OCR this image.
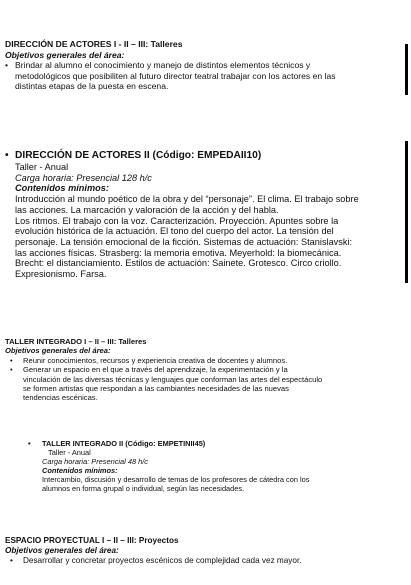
DIRECCIÓN DE ACTORES I - II – III: Talleres
Objetivos generales del área:
• Brindar al alumno el conocimiento y manejo de distintos elementos técnicos y
metodológicos que posibiliten al futuro director teatral trabajar con los actores en las
distintas etapas de la puesta en escena.
• DIRECCIÓN DE ACTORES II (Código: EMPEDAII10)
Taller - Anual
Carga horaria: Presencial 128 h/c
Contenidos mínimos:
Introducción al mundo poético de la obra y del “personaje”. El clima. El trabajo sobre
las acciones. La marcación y valoración de la acción y del habla.
Los ritmos. El trabajo con la voz. Caracterización. Proyección. Apuntes sobre la
evolución histórica de la actuación. El tono del cuerpo del actor. La tensión del
personaje. La tensión emocional de la ficción. Sistemas de actuación: Stanislavski:
las acciones físicas. Strasberg: la memoria emotiva. Meyerhold: la biomecánica.
Brecht: el distanciamiento. Estilos de actuación: Sainete. Grotesco. Circo criollo.
Expresionismo. Farsa.
TALLER INTEGRADO I – II – III: Talleres
Objetivos generales del área:
• Reunir conocimientos, recursos y experiencia creativa de docentes y alumnos.
• Generar un espacio en el que a través del aprendizaje, la experimentación y la
vinculación de las diversas técnicas y lenguajes que conforman las artes del espectáculo
se formen artistas que respondan a las cambiantes necesidades de las nuevas
tendencias escénicas.
• TALLER INTEGRADO II (Código: EMPETINII45)
Taller - Anual
Carga horaria: Presencial 48 h/c
Contenidos mínimos:
Intercambio, discusión y desarrollo de temas de los profesores de cátedra con los
alumnos en forma grupal o individual, según las necesidades.
ESPACIO PROYECTUAL I – II – III: Proyectos
Objetivos generales del área:
• Desarrollar y concretar proyectos escénicos de complejidad cada vez mayor.
